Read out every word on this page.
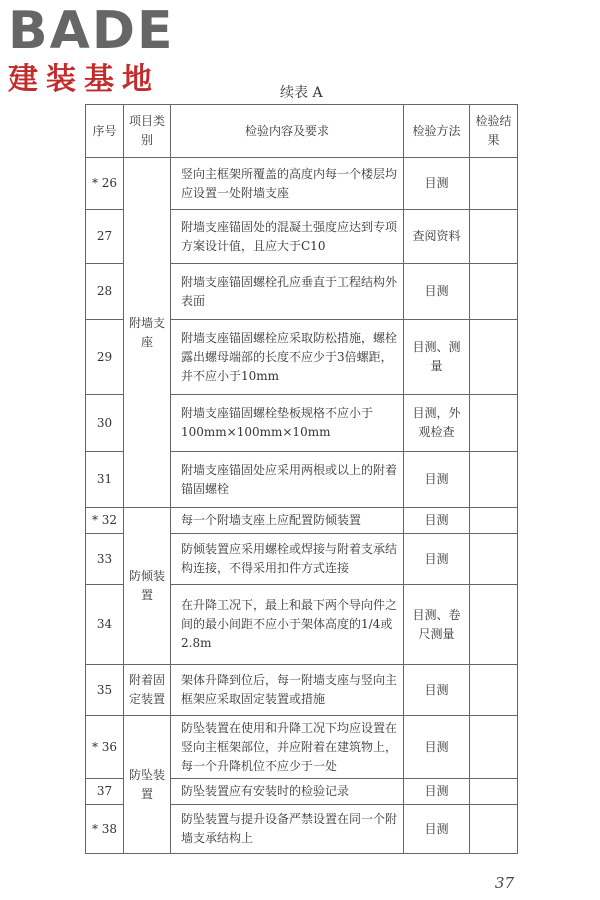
BADE
建装基地	续表 A
序号	项目类别	检验内容及要求	检验方法	检验结果
* 26	附墙支座	竖向主框架所覆盖的高度内每一个楼层均应设置一处附墙支座	目测	
27		附墙支座锚固处的混凝土强度应达到专项方案设计值，且应大于C10	查阅资料	
28		附墙支座锚固螺栓孔应垂直于工程结构外表面	目测	
29		附墙支座锚固螺栓应采取防松措施，螺栓露出螺母端部的长度不应少于3倍螺距，并不应小于10mm	目测、测量	
30		附墙支座锚固螺栓垫板规格不应小于100mm×100mm×10mm	目测，外观检查	
31		附墙支座锚固处应采用两根或以上的附着锚固螺栓	目测	
* 32	防倾装置	每一个附墙支座上应配置防倾装置	目测	
33		防倾装置应采用螺栓或焊接与附着支承结构连接，不得采用扣件方式连接	目测	
34		在升降工况下，最上和最下两个导向件之间的最小间距不应小于架体高度的1/4或2.8m	目测、卷尺测量	
35	附着固定装置	架体升降到位后，每一附墙支座与竖向主框架应采取固定装置或措施	目测	
* 36	防坠装置	防坠装置在使用和升降工况下均应设置在竖向主框架部位，并应附着在建筑物上，每一个升降机位不应少于一处	目测	
37		防坠装置应有安装时的检验记录	目测	
* 38		防坠装置与提升设备严禁设置在同一个附墙支承结构上	目测	
37
